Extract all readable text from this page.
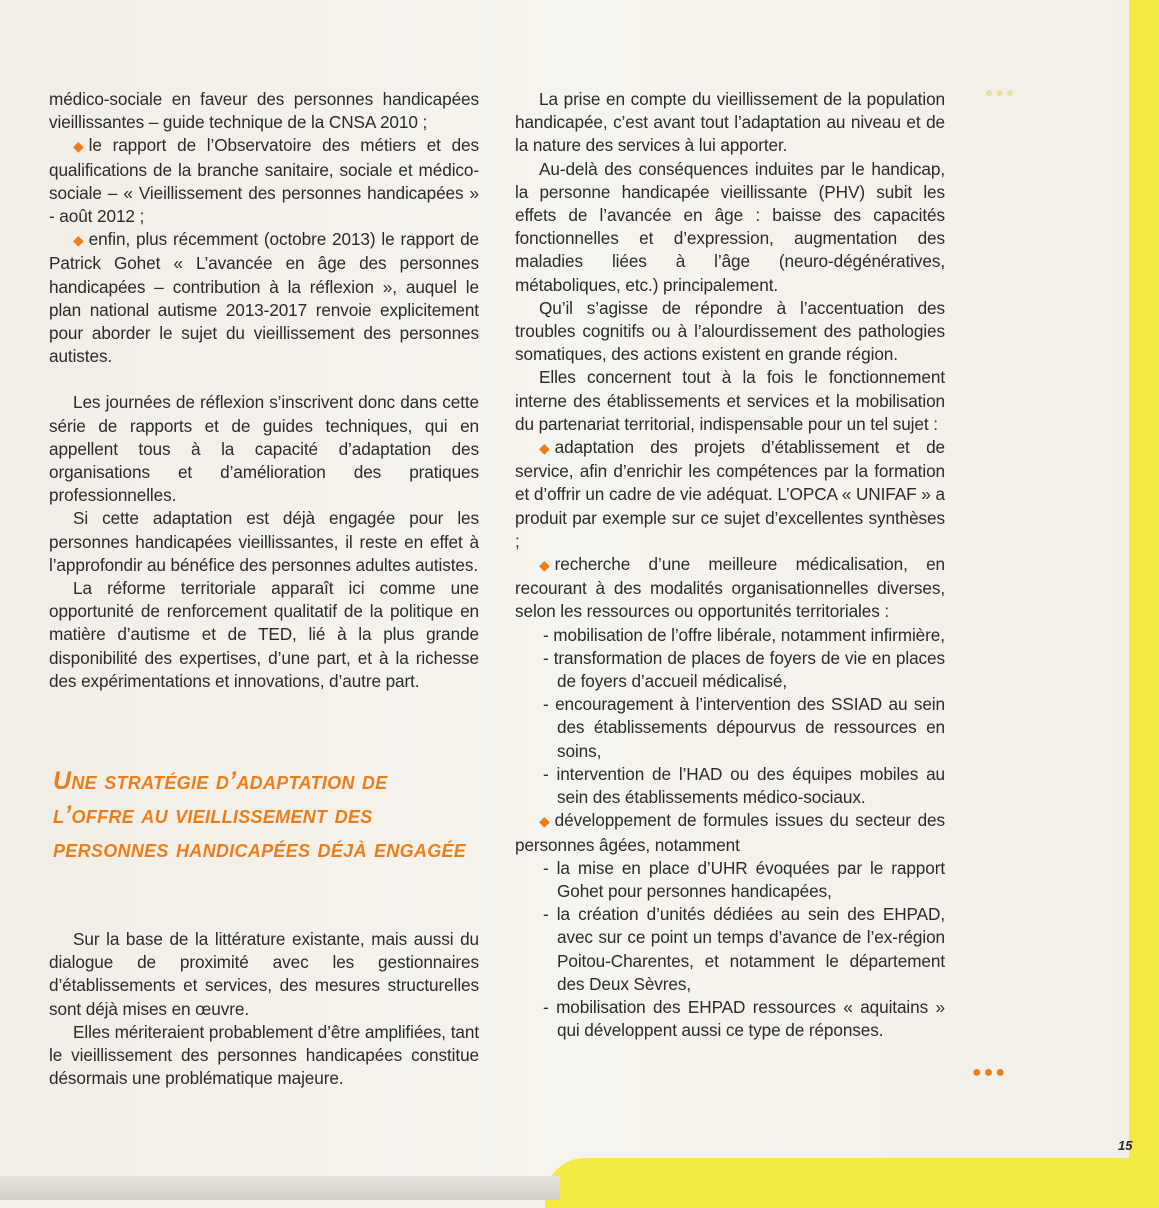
●●●

médico-sociale en faveur des personnes handicapées vieillissantes – guide technique de la CNSA 2010 ;

◆ le rapport de l’Observatoire des métiers et des qualifications de la branche sanitaire, sociale et médico-sociale – « Vieillissement des personnes handicapées » - août 2012 ;

◆ enfin, plus récemment (octobre 2013) le rapport de Patrick Gohet « L’avancée en âge des personnes handicapées – contribution à la réflexion », auquel le plan national autisme 2013-2017 renvoie explicitement pour aborder le sujet du vieillissement des personnes autistes.

Les journées de réflexion s’inscrivent donc dans cette série de rapports et de guides techniques, qui en appellent tous à la capacité d’adaptation des organisations et d’amélioration des pratiques professionnelles.

Si cette adaptation est déjà engagée pour les personnes handicapées vieillissantes, il reste en effet à l’approfondir au bénéfice des personnes adultes autistes.

La réforme territoriale apparaît ici comme une opportunité de renforcement qualitatif de la politique en matière d’autisme et de TED, lié à la plus grande disponibilité des expertises, d’une part, et à la richesse des expérimentations et innovations, d’autre part.

Une stratégie d’adaptation de l’offre au vieillissement des personnes handicapées déjà engagée

Sur la base de la littérature existante, mais aussi du dialogue de proximité avec les gestionnaires d’établissements et services, des mesures structurelles sont déjà mises en œuvre.

Elles mériteraient probablement d’être amplifiées, tant le vieillissement des personnes handicapées constitue désormais une problématique majeure.

La prise en compte du vieillissement de la population handicapée, c’est avant tout l’adaptation au niveau et de la nature des services à lui apporter.

Au-delà des conséquences induites par le handicap, la personne handicapée vieillissante (PHV) subit les effets de l’avancée en âge : baisse des capacités fonctionnelles et d’expression, augmentation des maladies liées à l’âge (neuro-dégénératives, métaboliques, etc.) principalement.

Qu’il s’agisse de répondre à l’accentuation des troubles cognitifs ou à l’alourdissement des pathologies somatiques, des actions existent en grande région.

Elles concernent tout à la fois le fonctionnement interne des établissements et services et la mobilisation du partenariat territorial, indispensable pour un tel sujet :

◆ adaptation des projets d’établissement et de service, afin d’enrichir les compétences par la formation et d’offrir un cadre de vie adéquat. L’OPCA « UNIFAF » a produit par exemple sur ce sujet d’excellentes synthèses ;

◆ recherche d’une meilleure médicalisation, en recourant à des modalités organisationnelles diverses, selon les ressources ou opportunités territoriales :

- mobilisation de l’offre libérale, notamment infirmière,

- transformation de places de foyers de vie en places de foyers d’accueil médicalisé,

- encouragement à l’intervention des SSIAD au sein des établissements dépourvus de ressources en soins,

- intervention de l’HAD ou des équipes mobiles au sein des établissements médico-sociaux.

◆ développement de formules issues du secteur des personnes âgées, notamment

- la mise en place d’UHR évoquées par le rapport Gohet pour personnes handicapées,

- la création d’unités dédiées au sein des EHPAD, avec sur ce point un temps d’avance de l’ex-région Poitou-Charentes, et notamment le département des Deux Sèvres,

- mobilisation des EHPAD ressources « aquitains » qui développent aussi ce type de réponses.

●●●
15
